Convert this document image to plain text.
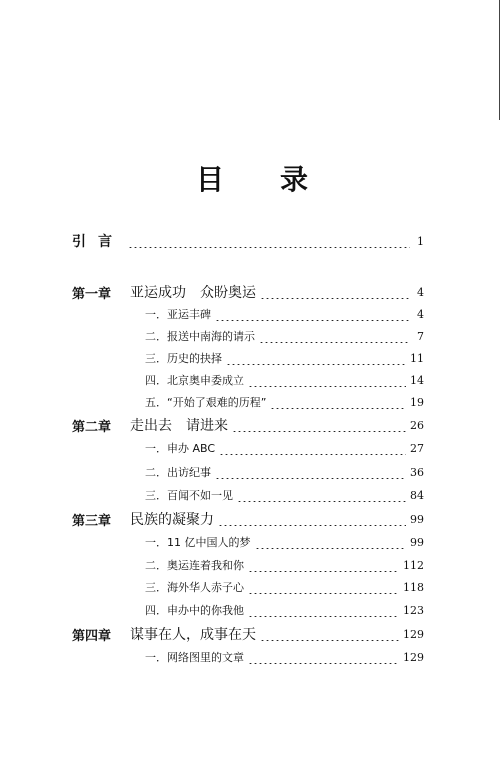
目 录
引言	1
第一章	亚运成功　众盼奥运	4
一．亚运丰碑	4
二．报送中南海的请示	7
三．历史的抉择	11
四．北京奥申委成立	14
五．“开始了艰难的历程”	19
第二章	走出去　请进来	26
一．申办 ABC	27
二．出访纪事	36
三．百闻不如一见	84
第三章	民族的凝聚力	99
一．11 亿中国人的梦	99
二．奥运连着我和你	112
三．海外华人赤子心	118
四．申办中的你我他	123
第四章	谋事在人，成事在天	129
一．网络图里的文章	129
